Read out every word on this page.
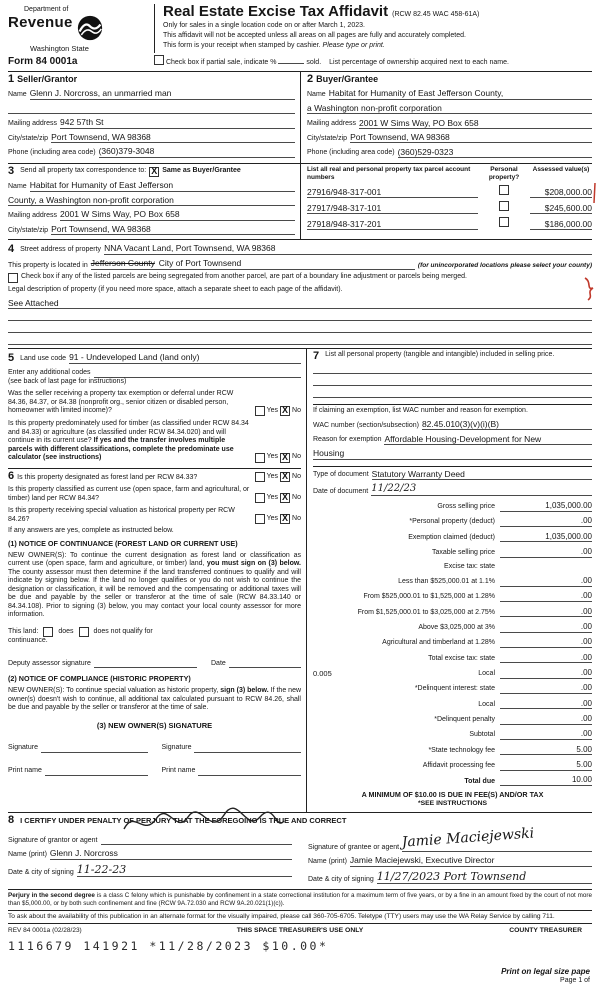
Department of
Revenue
Washington State
Real Estate Excise Tax Affidavit (RCW 82.45 WAC 458-61A)
Only for sales in a single location code on or after March 1, 2023.
This affidavit will not be accepted unless all areas on all pages are fully and accurately completed.
This form is your receipt when stamped by cashier. Please type or print.
Form 84 0001a	Check box if partial sale, indicate %	sold. List percentage of ownership acquired next to each name.
1 Seller/Grantor
Name Glenn J. Norcross, an unmarried man
Mailing address 942 57th St
City/state/zip Port Townsend, WA 98368
Phone (including area code) (360)379-3048
2 Buyer/Grantee
Name Habitat for Humanity of East Jefferson County,
a Washington non-profit corporation
Mailing address 2001 W Sims Way, PO Box 658
City/state/zip Port Townsend, WA 98368
Phone (including area code) (360)529-0323
3 Send all property tax correspondence to: X Same as Buyer/Grantee
Name Habitat for Humanity of East Jefferson
County, a Washington non-profit corporation
Mailing address 2001 W Sims Way, PO Box 658
City/state/zip Port Townsend, WA 98368
List all real and personal property tax parcel account numbers
Personal property?
Assessed value(s)
27916/948-317-001	$208,000.00
27917/948-317-101	$245,600.00
27918/948-317-201	$186,000.00
4 Street address of property NNA Vacant Land, Port Townsend, WA 98368
This property is located in Jefferson County City of Port Townsend	(for unincorporated locations please select your county)
Check box if any of the listed parcels are being segregated from another parcel, are part of a boundary line adjustment or parcels being merged.
Legal description of property (if you need more space, attach a separate sheet to each page of the affidavit).
See Attached
5 Land use code 91 - Undeveloped Land (land only)
Enter any additional codes
(see back of last page for instructions)
Was the seller receiving a property tax exemption or deferral under RCW 84.36, 84.37, or 84.38 (nonprofit org., senior citizen or disabled person, homeowner with limited income)?	Yes X No
Is this property predominately used for timber (as classified under RCW 84.34 and 84.33) or agriculture (as classified under RCW 84.34.020) and will continue in its current use? If yes and the transfer involves multiple parcels with different classifications, complete the predominate use calculator (see instructions)	Yes X No
6 Is this property designated as forest land per RCW 84.33?	Yes X No
Is this property classified as current use (open space, farm and agricultural, or timber) land per RCW 84.34?	Yes X No
Is this property receiving special valuation as historical property per RCW 84.26?	Yes X No
If any answers are yes, complete as instructed below.
(1) NOTICE OF CONTINUANCE (FOREST LAND OR CURRENT USE)

NEW OWNER(S): To continue the current designation as forest land or classification as current use (open space, farm and agriculture, or timber) land, you must sign on (3) below. The county assessor must then determine if the land transferred continues to qualify and will indicate by signing below. If the land no longer qualifies or you do not wish to continue the designation or classification, it will be removed and the compensating or additional taxes will be due and payable by the seller or transferor at the time of sale (RCW 84.33.140 or 84.34.108). Prior to signing (3) below, you may contact your local county assessor for more information.

This land:	does	does not qualify for
continuance.
Deputy assessor signature	Date
(2) NOTICE OF COMPLIANCE (HISTORIC PROPERTY)

NEW OWNER(S): To continue special valuation as historic property, sign (3) below. If the new owner(s) doesn't wish to continue, all additional tax calculated pursuant to RCW 84.26, shall be due and payable by the seller or transferor at the time of sale.

(3) NEW OWNER(S) SIGNATURE
Signature	Signature
Print name	Print name
7 List all personal property (tangible and intangible) included in selling price.
If claiming an exemption, list WAC number and reason for exemption.
WAC number (section/subsection) 82.45.010(3)(v)(i)(B)
Reason for exemption Affordable Housing-Development for New
Housing
Type of document Statutory Warranty Deed
Date of document 11/22/23
Gross selling price	1,035,000.00
*Personal property (deduct)	.00
Exemption claimed (deduct)	1,035,000.00
Taxable selling price	.00
Excise tax: state
Less than $525,000.01 at 1.1%	.00
From $525,000.01 to $1,525,000 at 1.28%	.00
From $1,525,000.01 to $3,025,000 at 2.75%	.00
Above $3,025,000 at 3%	.00
Agricultural and timberland at 1.28%	.00
Total excise tax: state	.00
0.005	Local	.00
*Delinquent interest: state	.00
Local	.00
*Delinquent penalty	.00
Subtotal	.00
*State technology fee	5.00
Affidavit processing fee	5.00
Total due	10.00
A MINIMUM OF $10.00 IS DUE IN FEE(S) AND/OR TAX
*SEE INSTRUCTIONS
8 I CERTIFY UNDER PENALTY OF PERJURY THAT THE FOREGOING IS TRUE AND CORRECT
Signature of grantor or agent
Name (print) Glenn J. Norcross
Date & city of signing 11-22-23
Signature of grantee or agent Jamie Maciejewski
Name (print) Jamie Maciejewski, Executive Director
Date & city of signing 11/27/2023 Port Townsend

Perjury in the second degree is a class C felony which is punishable by confinement in a state correctional institution for a maximum term of five years, or by a fine in an amount fixed by the court of not more than $5,000.00, or by both such confinement and fine (RCW 9A.72.030 and RCW 9A.20.021(1)(c)).

To ask about the availability of this publication in an alternate format for the visually impaired, please call 360-705-6705. Teletype (TTY) users may use the WA Relay Service by calling 711.

REV 84 0001a (02/28/23)	THIS SPACE TREASURER'S USE ONLY	COUNTY TREASURER
1116679 141921 *11/28/2023 $10.00*
Print on legal size pape
Page 1 of
